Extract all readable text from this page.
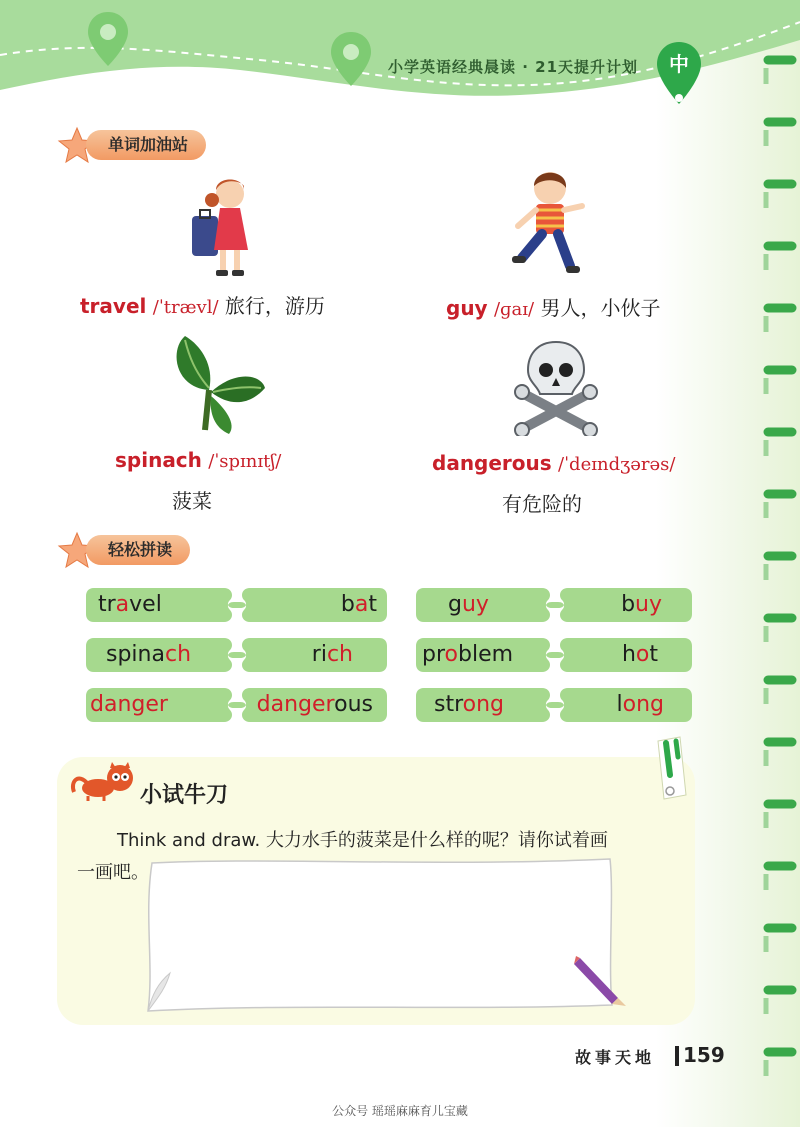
小学英语经典晨读 · 21天提升计划	中
单词加油站
travel /ˈtrævl/ 旅行，游历	guy /ɡaɪ/ 男人，小伙子
spinach /ˈspɪnɪtʃ/
菠菜
dangerous /ˈdeɪndʒərəs/
有危险的
轻松拼读
travel	bat	guy	buy
spinach	rich	problem	hot
danger	dangerous	strong	long
小试牛刀
Think and draw. 大力水手的菠菜是什么样的呢？请你试着画
一画吧。
故事天地 159
公众号 瑶瑶麻麻育儿宝藏
